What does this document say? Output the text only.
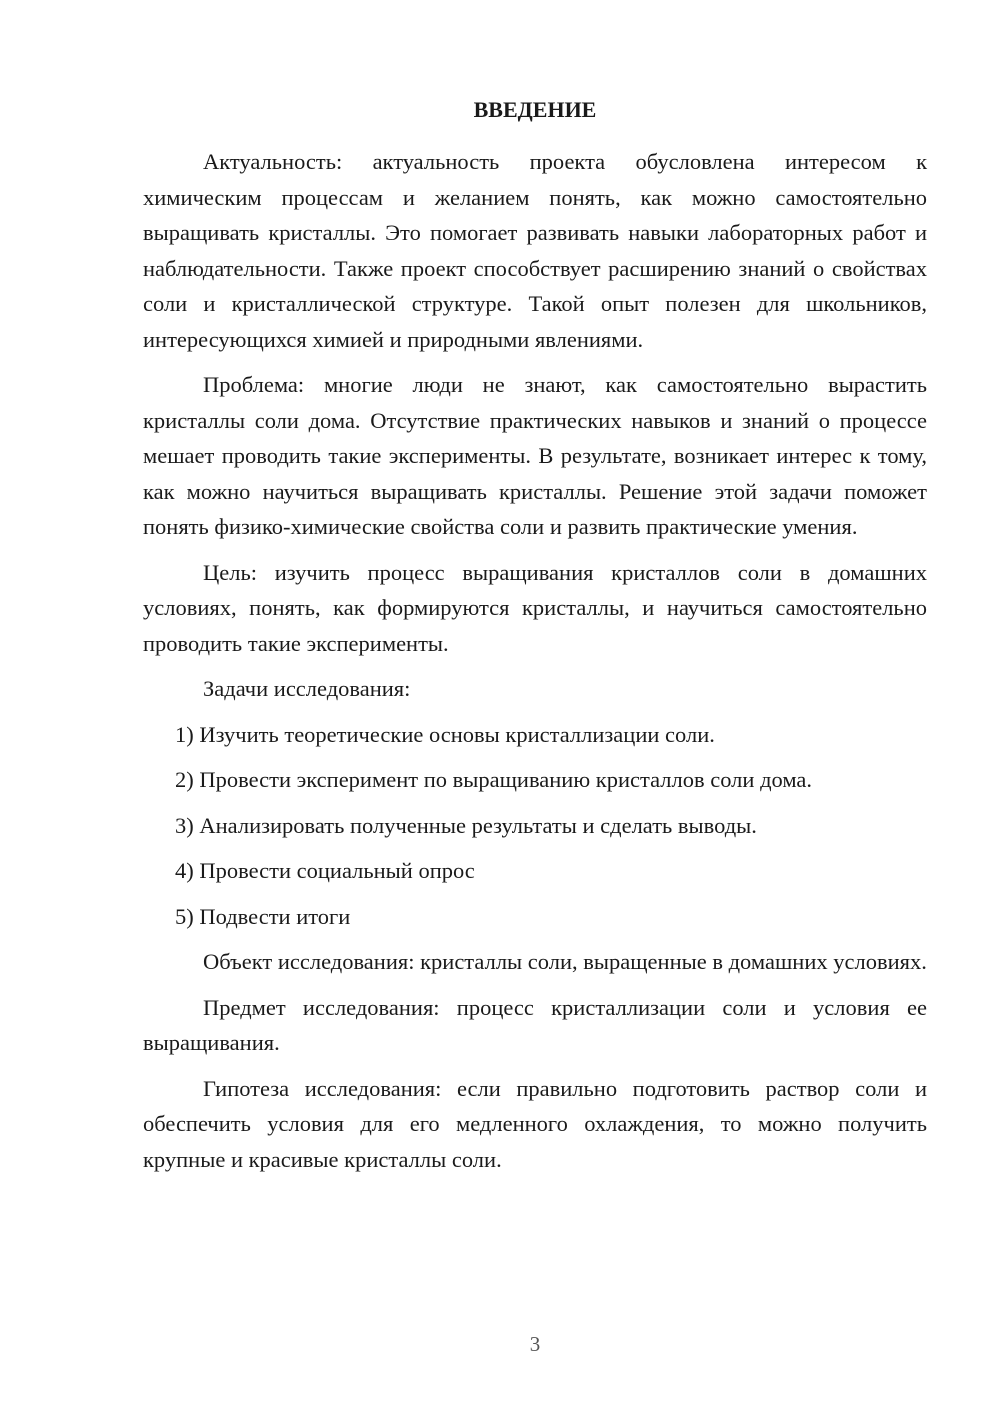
ВВЕДЕНИЕ

Актуальность: актуальность проекта обусловлена интересом к химическим процессам и желанием понять, как можно самостоятельно выращивать кристаллы. Это помогает развивать навыки лабораторных работ и наблюдательности. Также проект способствует расширению знаний о свойствах соли и кристаллической структуре. Такой опыт полезен для школьников, интересующихся химией и природными явлениями.

Проблема: многие люди не знают, как самостоятельно вырастить кристаллы соли дома. Отсутствие практических навыков и знаний о процессе мешает проводить такие эксперименты. В результате, возникает интерес к тому, как можно научиться выращивать кристаллы. Решение этой задачи поможет понять физико-химические свойства соли и развить практические умения.

Цель: изучить процесс выращивания кристаллов соли в домашних условиях, понять, как формируются кристаллы, и научиться самостоятельно проводить такие эксперименты.

Задачи исследования:

1) Изучить теоретические основы кристаллизации соли.

2) Провести эксперимент по выращиванию кристаллов соли дома.

3) Анализировать полученные результаты и сделать выводы.

4) Провести социальный опрос

5) Подвести итоги

Объект исследования: кристаллы соли, выращенные в домашних условиях.

Предмет исследования: процесс кристаллизации соли и условия ее выращивания.

Гипотеза исследования: если правильно подготовить раствор соли и обеспечить условия для его медленного охлаждения, то можно получить крупные и красивые кристаллы соли.

3
